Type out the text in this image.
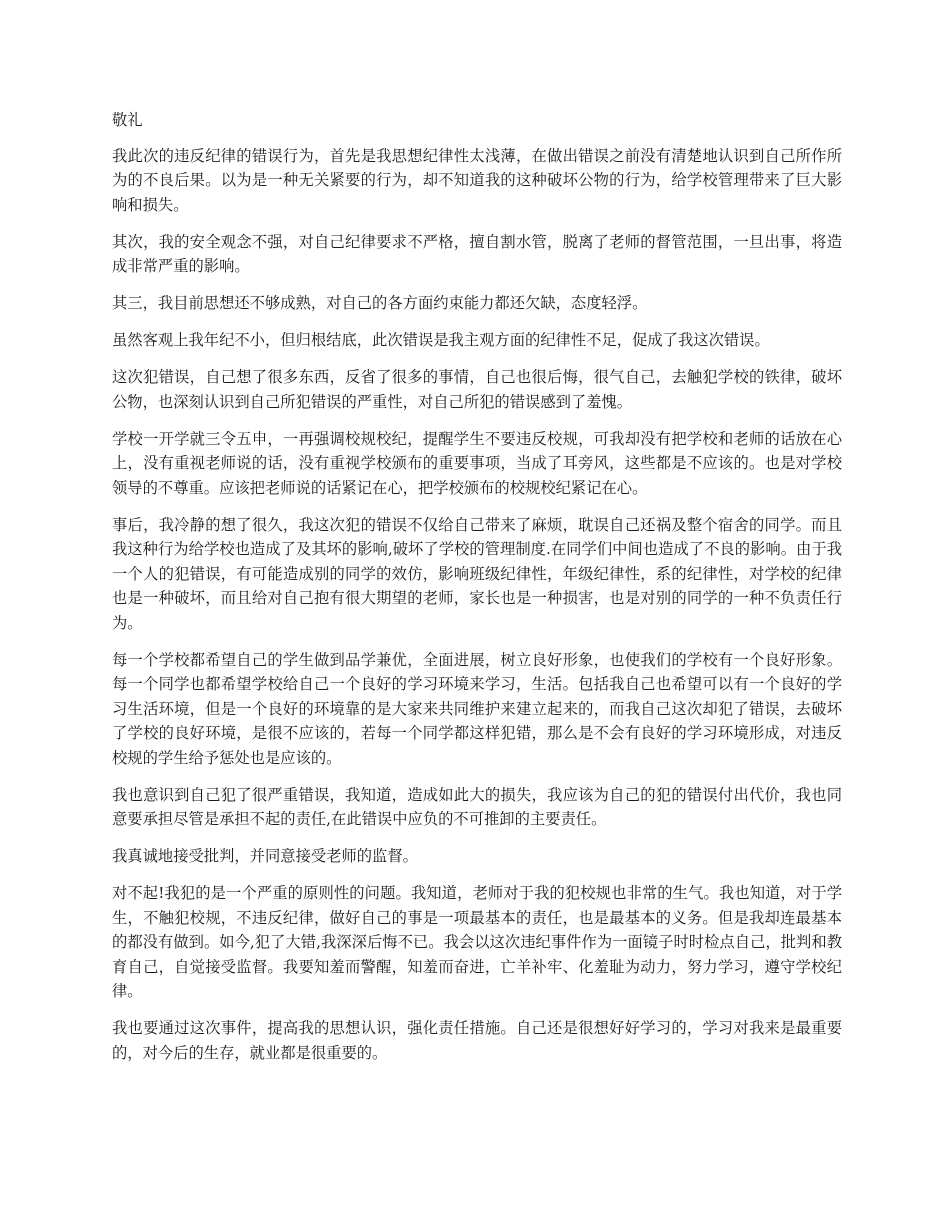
敬礼

我此次的违反纪律的错误行为，首先是我思想纪律性太浅薄，在做出错误之前没有清楚地认识到自己所作所为的不良后果。以为是一种无关紧要的行为，却不知道我的这种破坏公物的行为，给学校管理带来了巨大影响和损失。

其次，我的安全观念不强，对自己纪律要求不严格，擅自割水管，脱离了老师的督管范围，一旦出事，将造成非常严重的影响。

其三，我目前思想还不够成熟，对自己的各方面约束能力都还欠缺，态度轻浮。

虽然客观上我年纪不小，但归根结底，此次错误是我主观方面的纪律性不足，促成了我这次错误。

这次犯错误，自己想了很多东西，反省了很多的事情，自己也很后悔，很气自己，去触犯学校的铁律，破坏公物，也深刻认识到自己所犯错误的严重性，对自己所犯的错误感到了羞愧。

学校一开学就三令五申，一再强调校规校纪，提醒学生不要违反校规，可我却没有把学校和老师的话放在心上，没有重视老师说的话，没有重视学校颁布的重要事项，当成了耳旁风，这些都是不应该的。也是对学校领导的不尊重。应该把老师说的话紧记在心，把学校颁布的校规校纪紧记在心。

事后，我冷静的想了很久，我这次犯的错误不仅给自己带来了麻烦，耽误自己还祸及整个宿舍的同学。而且我这种行为给学校也造成了及其坏的影响,破坏了学校的管理制度.在同学们中间也造成了不良的影响。由于我一个人的犯错误，有可能造成别的同学的效仿，影响班级纪律性，年级纪律性，系的纪律性，对学校的纪律也是一种破坏，而且给对自己抱有很大期望的老师，家长也是一种损害，也是对别的同学的一种不负责任行为。

每一个学校都希望自己的学生做到品学兼优，全面进展，树立良好形象，也使我们的学校有一个良好形象。每一个同学也都希望学校给自己一个良好的学习环境来学习，生活。包括我自己也希望可以有一个良好的学习生活环境，但是一个良好的环境靠的是大家来共同维护来建立起来的，而我自己这次却犯了错误，去破坏了学校的良好环境，是很不应该的，若每一个同学都这样犯错，那么是不会有良好的学习环境形成，对违反校规的学生给予惩处也是应该的。

我也意识到自己犯了很严重错误，我知道，造成如此大的损失，我应该为自己的犯的错误付出代价，我也同意要承担尽管是承担不起的责任,在此错误中应负的不可推卸的主要责任。

我真诚地接受批判，并同意接受老师的监督。

对不起!我犯的是一个严重的原则性的问题。我知道，老师对于我的犯校规也非常的生气。我也知道，对于学生，不触犯校规，不违反纪律，做好自己的事是一项最基本的责任，也是最基本的义务。但是我却连最基本的都没有做到。如今,犯了大错,我深深后悔不已。我会以这次违纪事件作为一面镜子时时检点自己，批判和教育自己，自觉接受监督。我要知羞而警醒，知羞而奋进，亡羊补牢、化羞耻为动力，努力学习，遵守学校纪律。

我也要通过这次事件，提高我的思想认识，强化责任措施。自己还是很想好好学习的，学习对我来是最重要的，对今后的生存，就业都是很重要的。
